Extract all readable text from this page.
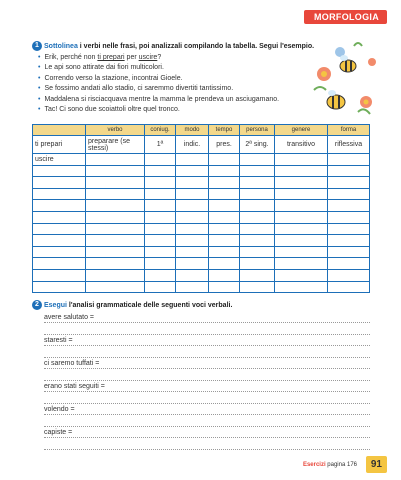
MORFOLOGIA
1 Sottolinea i verbi nelle frasi, poi analizzali compilando la tabella. Segui l'esempio.
• Erik, perché non ti prepari per uscire?
• Le api sono attirate dai fiori multicolori.
• Correndo verso la stazione, incontrai Gioele.
• Se fossimo andati allo stadio, ci saremmo divertiti tantissimo.
• Maddalena si risciacquava mentre la mamma le prendeva un asciugamano.
• Tac! Ci sono due scoiattoli oltre quel tronco.
	verbo	coniug.	modo	tempo	persona	genere	forma
ti prepari	preparare (se stessi)	1ª	indic.	pres.	2ª sing.	transitivo	riflessiva
uscire							

2 Esegui l'analisi grammaticale delle seguenti voci verbali.
avere salutato =
staresti =
ci saremo tuffati =
erano stati seguiti =
volendo =
capiste =
Esercizi pagina 176	91
